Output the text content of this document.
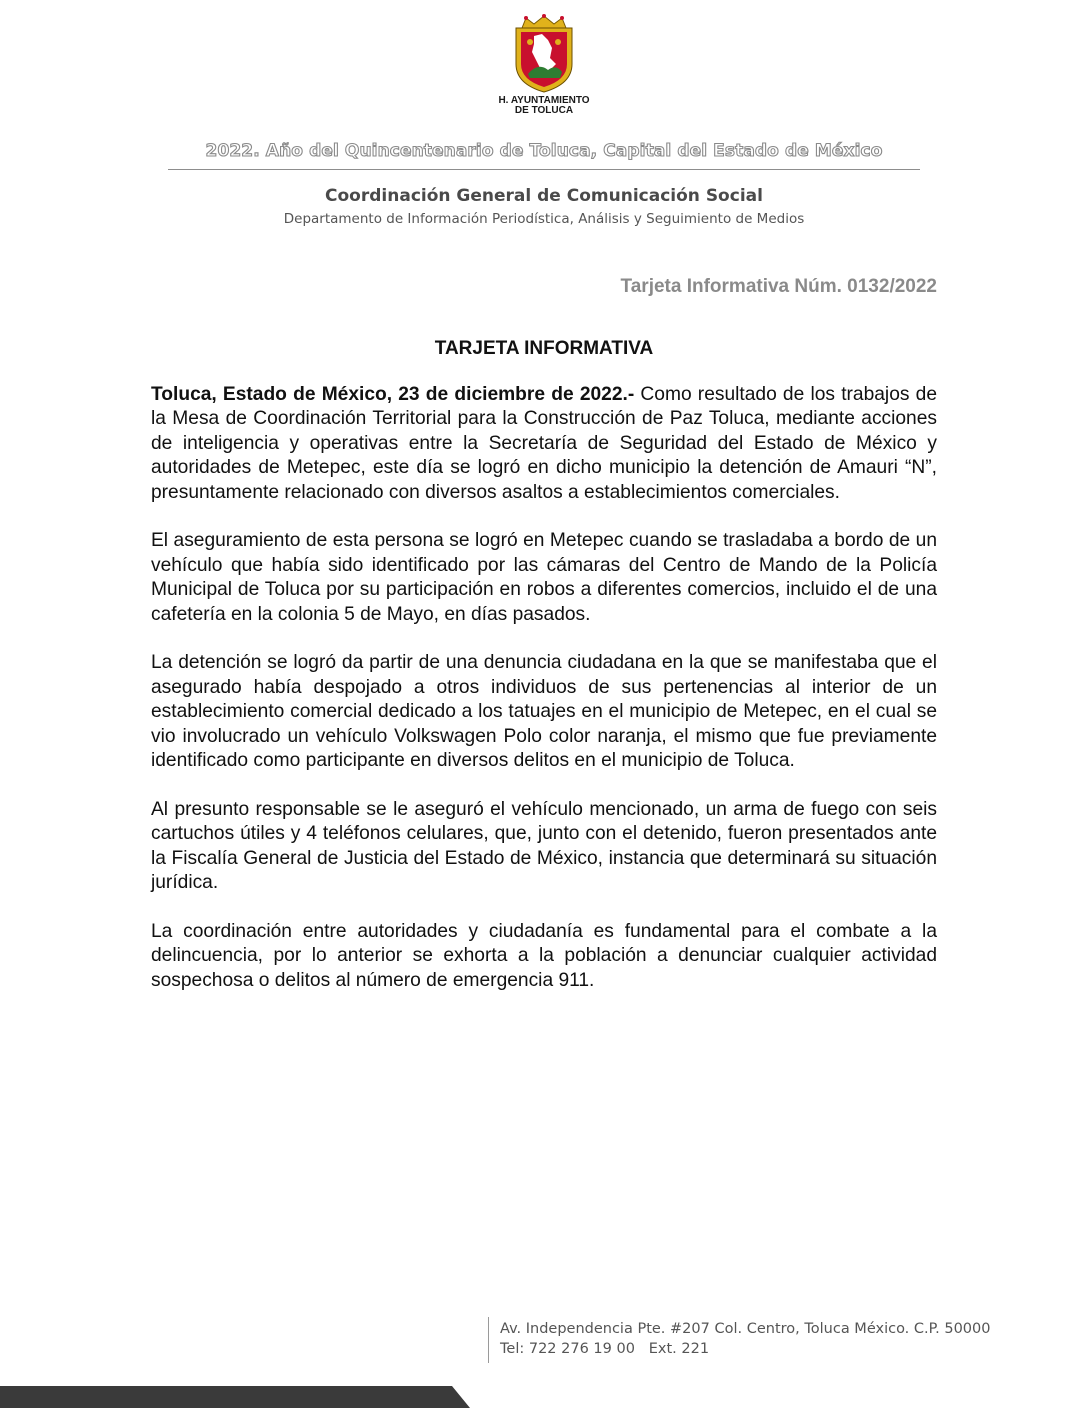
H. AYUNTAMIENTO
DE TOLUCA
2022. Año del Quincentenario de Toluca, Capital del Estado de México
Coordinación General de Comunicación Social
Departamento de Información Periodística, Análisis y Seguimiento de Medios
Tarjeta Informativa Núm. 0132/2022
TARJETA INFORMATIVA

Toluca, Estado de México, 23 de diciembre de 2022.- Como resultado de los trabajos de la Mesa de Coordinación Territorial para la Construcción de Paz Toluca, mediante acciones de inteligencia y operativas entre la Secretaría de Seguridad del Estado de México y autoridades de Metepec, este día se logró en dicho municipio la detención de Amauri “N”, presuntamente relacionado con diversos asaltos a establecimientos comerciales.

El aseguramiento de esta persona se logró en Metepec cuando se trasladaba a bordo de un vehículo que había sido identificado por las cámaras del Centro de Mando de la Policía Municipal de Toluca por su participación en robos a diferentes comercios, incluido el de una cafetería en la colonia 5 de Mayo, en días pasados.

La detención se logró da partir de una denuncia ciudadana en la que se manifestaba que el asegurado había despojado a otros individuos de sus pertenencias al interior de un establecimiento comercial dedicado a los tatuajes en el municipio de Metepec, en el cual se vio involucrado un vehículo Volkswagen Polo color naranja, el mismo que fue previamente identificado como participante en diversos delitos en el municipio de Toluca.

Al presunto responsable se le aseguró el vehículo mencionado, un arma de fuego con seis cartuchos útiles y 4 teléfonos celulares, que, junto con el detenido, fueron presentados ante la Fiscalía General de Justicia del Estado de México, instancia que determinará su situación jurídica.

La coordinación entre autoridades y ciudadanía es fundamental para el combate a la delincuencia, por lo anterior se exhorta a la población a denunciar cualquier actividad sospechosa o delitos al número de emergencia 911.

Av. Independencia Pte. #207 Col. Centro, Toluca México. C.P. 50000
Tel: 722 276 19 00 Ext. 221
